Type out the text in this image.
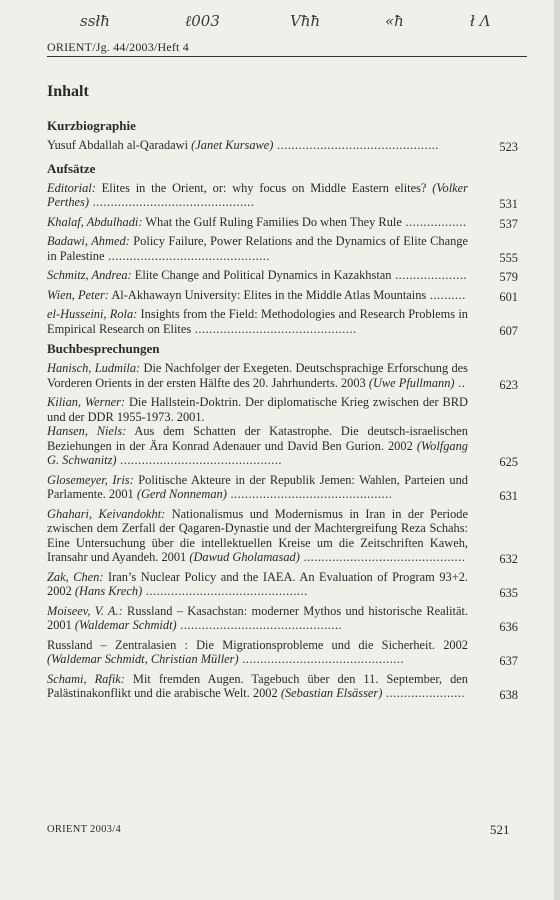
ssłħ	ℓ003	Vħħ	«ħ	ł Λ
ORIENT/Jg. 44/2003/Heft 4
Inhalt
Kurzbiographie
Yusuf Abdallah al-Qaradawi (Janet Kursawe) .............................................	523
Aufsätze
Editorial: Elites in the Orient, or: why focus on Middle Eastern elites? (Volker Perthes) .............................................	531
Khalaf, Abdulhadi: What the Gulf Ruling Families Do when They Rule .................	537
Badawi, Ahmed: Policy Failure, Power Relations and the Dynamics of Elite Change in Palestine .............................................	555
Schmitz, Andrea: Elite Change and Political Dynamics in Kazakhstan ....................	579
Wien, Peter: Al-Akhawayn University: Elites in the Middle Atlas Mountains ..........	601
el-Husseini, Rola: Insights from the Field: Methodologies and Research Problems in Empirical Research on Elites .............................................	607
Buchbesprechungen
Hanisch, Ludmila: Die Nachfolger der Exegeten. Deutschsprachige Erforschung des Vorderen Orients in der ersten Hälfte des 20. Jahrhunderts. 2003 (Uwe Pfullmann) ..	623
Kilian, Werner: Die Hallstein-Doktrin. Der diplomatische Krieg zwischen der BRD und der DDR 1955-1973. 2001.
Hansen, Niels: Aus dem Schatten der Katastrophe. Die deutsch-israelischen Beziehungen in der Ära Konrad Adenauer und David Ben Gurion. 2002 (Wolfgang G. Schwanitz) .............................................	625
Glosemeyer, Iris: Politische Akteure in der Republik Jemen: Wahlen, Parteien und Parlamente. 2001 (Gerd Nonneman) .............................................	631
Ghahari, Keivandokht: Nationalismus und Modernismus in Iran in der Periode zwischen dem Zerfall der Qagaren-Dynastie und der Machtergreifung Reza Schahs: Eine Untersuchung über die intellektuellen Kreise um die Zeitschriften Kaweh, Iransahr und Ayandeh. 2001 (Dawud Gholamasad) .............................................	632
Zak, Chen: Iran’s Nuclear Policy and the IAEA. An Evaluation of Program 93+2. 2002 (Hans Krech) .............................................	635
Moiseev, V. A.: Russland – Kasachstan: moderner Mythos und historische Realität. 2001 (Waldemar Schmidt) .............................................	636
Russland – Zentralasien : Die Migrationsprobleme und die Sicherheit. 2002 (Waldemar Schmidt, Christian Müller) .............................................	637
Schami, Rafik: Mit fremden Augen. Tagebuch über den 11. September, den Palästinakonflikt und die arabische Welt. 2002 (Sebastian Elsässer) ......................	638
ORIENT 2003/4	521
